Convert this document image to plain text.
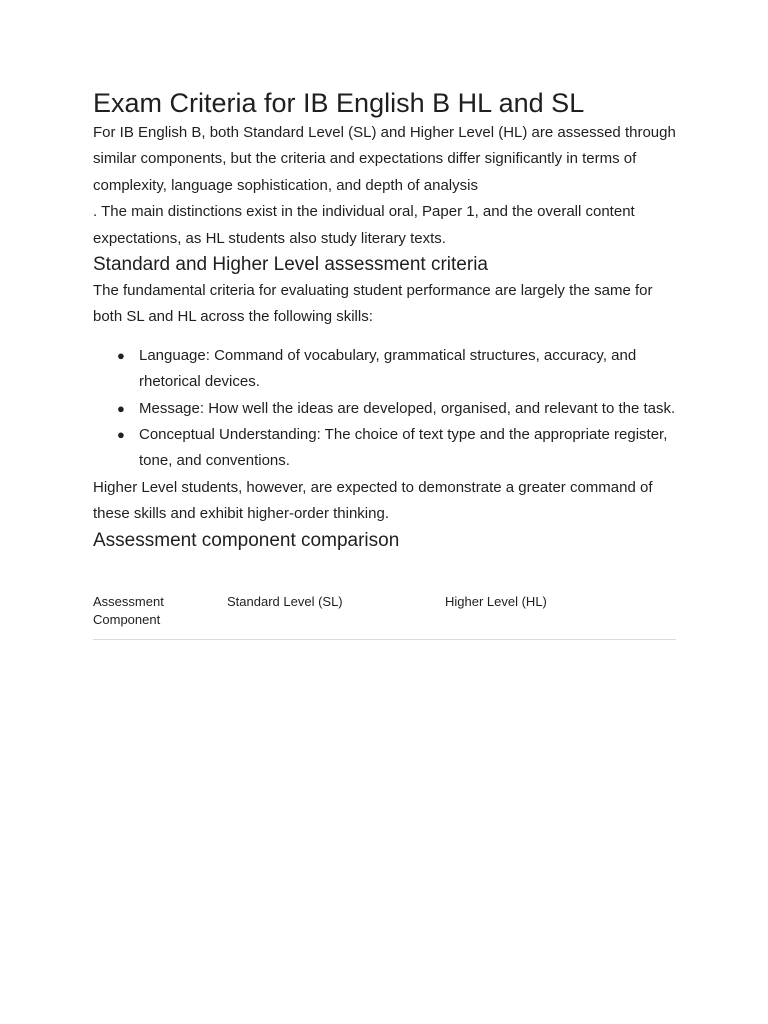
Exam Criteria for IB English B HL and SL

For IB English B, both Standard Level (SL) and Higher Level (HL) are assessed through similar components, but the criteria and expectations differ significantly in terms of complexity, language sophistication, and depth of analysis

. The main distinctions exist in the individual oral, Paper 1, and the overall content expectations, as HL students also study literary texts.

Standard and Higher Level assessment criteria

The fundamental criteria for evaluating student performance are largely the same for both SL and HL across the following skills:

● Language: Command of vocabulary, grammatical structures, accuracy, and rhetorical devices.
● Message: How well the ideas are developed, organised, and relevant to the task.
● Conceptual Understanding: The choice of text type and the appropriate register, tone, and conventions.

Higher Level students, however, are expected to demonstrate a greater command of these skills and exhibit higher-order thinking.

Assessment component comparison
Assessment Component	Standard Level (SL)	Higher Level (HL)
